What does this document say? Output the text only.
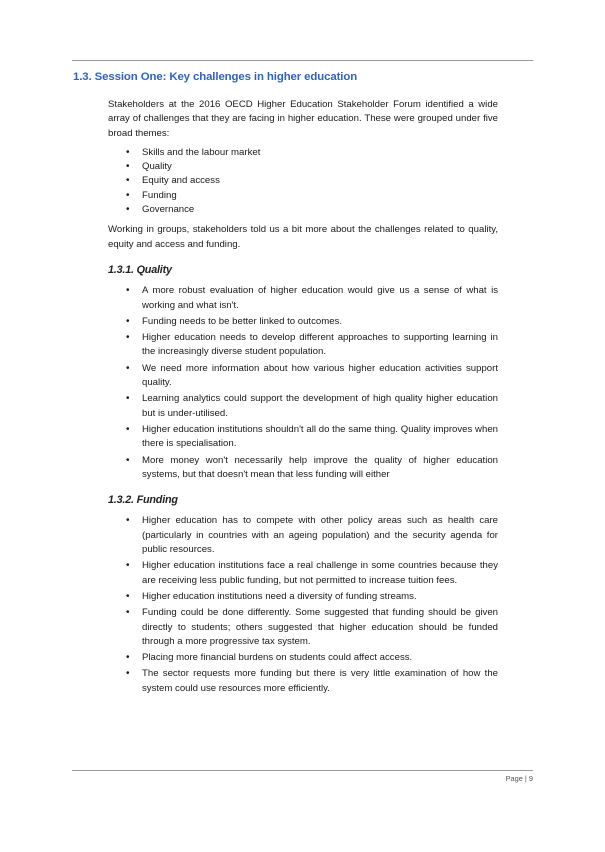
1.3. Session One: Key challenges in higher education

Stakeholders at the 2016 OECD Higher Education Stakeholder Forum identified a wide array of challenges that they are facing in higher education. These were grouped under five broad themes:

• Skills and the labour market
• Quality
• Equity and access
• Funding
• Governance

Working in groups, stakeholders told us a bit more about the challenges related to quality, equity and access and funding.

1.3.1. Quality
• A more robust evaluation of higher education would give us a sense of what is working and what isn't.
• Funding needs to be better linked to outcomes.
• Higher education needs to develop different approaches to supporting learning in the increasingly diverse student population.
• We need more information about how various higher education activities support quality.
• Learning analytics could support the development of high quality higher education but is under-utilised.
• Higher education institutions shouldn't all do the same thing. Quality improves when there is specialisation.
• More money won't necessarily help improve the quality of higher education systems, but that doesn't mean that less funding will either
1.3.2. Funding
• Higher education has to compete with other policy areas such as health care (particularly in countries with an ageing population) and the security agenda for public resources.
• Higher education institutions face a real challenge in some countries because they are receiving less public funding, but not permitted to increase tuition fees.
• Higher education institutions need a diversity of funding streams.
• Funding could be done differently. Some suggested that funding should be given directly to students; others suggested that higher education should be funded through a more progressive tax system.
• Placing more financial burdens on students could affect access.
• The sector requests more funding but there is very little examination of how the system could use resources more efficiently.
Page | 9
